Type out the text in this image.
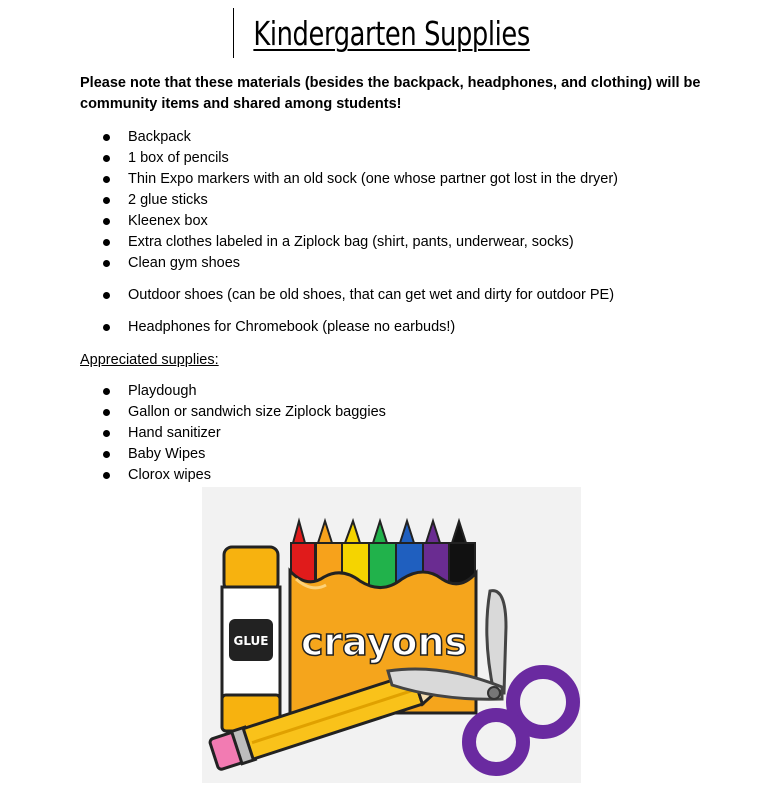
Kindergarten Supplies

Please note that these materials (besides the backpack, headphones, and clothing) will be community items and shared among students!

Backpack
1 box of pencils
Thin Expo markers with an old sock (one whose partner got lost in the dryer)
2 glue sticks
Kleenex box
Extra clothes labeled in a Ziplock bag (shirt, pants, underwear, socks)
Clean gym shoes
Outdoor shoes (can be old shoes, that can get wet and dirty for outdoor PE)
Headphones for Chromebook (please no earbuds!)

Appreciated supplies:

Playdough
Gallon or sandwich size Ziplock baggies
Hand sanitizer
Baby Wipes
Clorox wipes
crayons
GLUE
